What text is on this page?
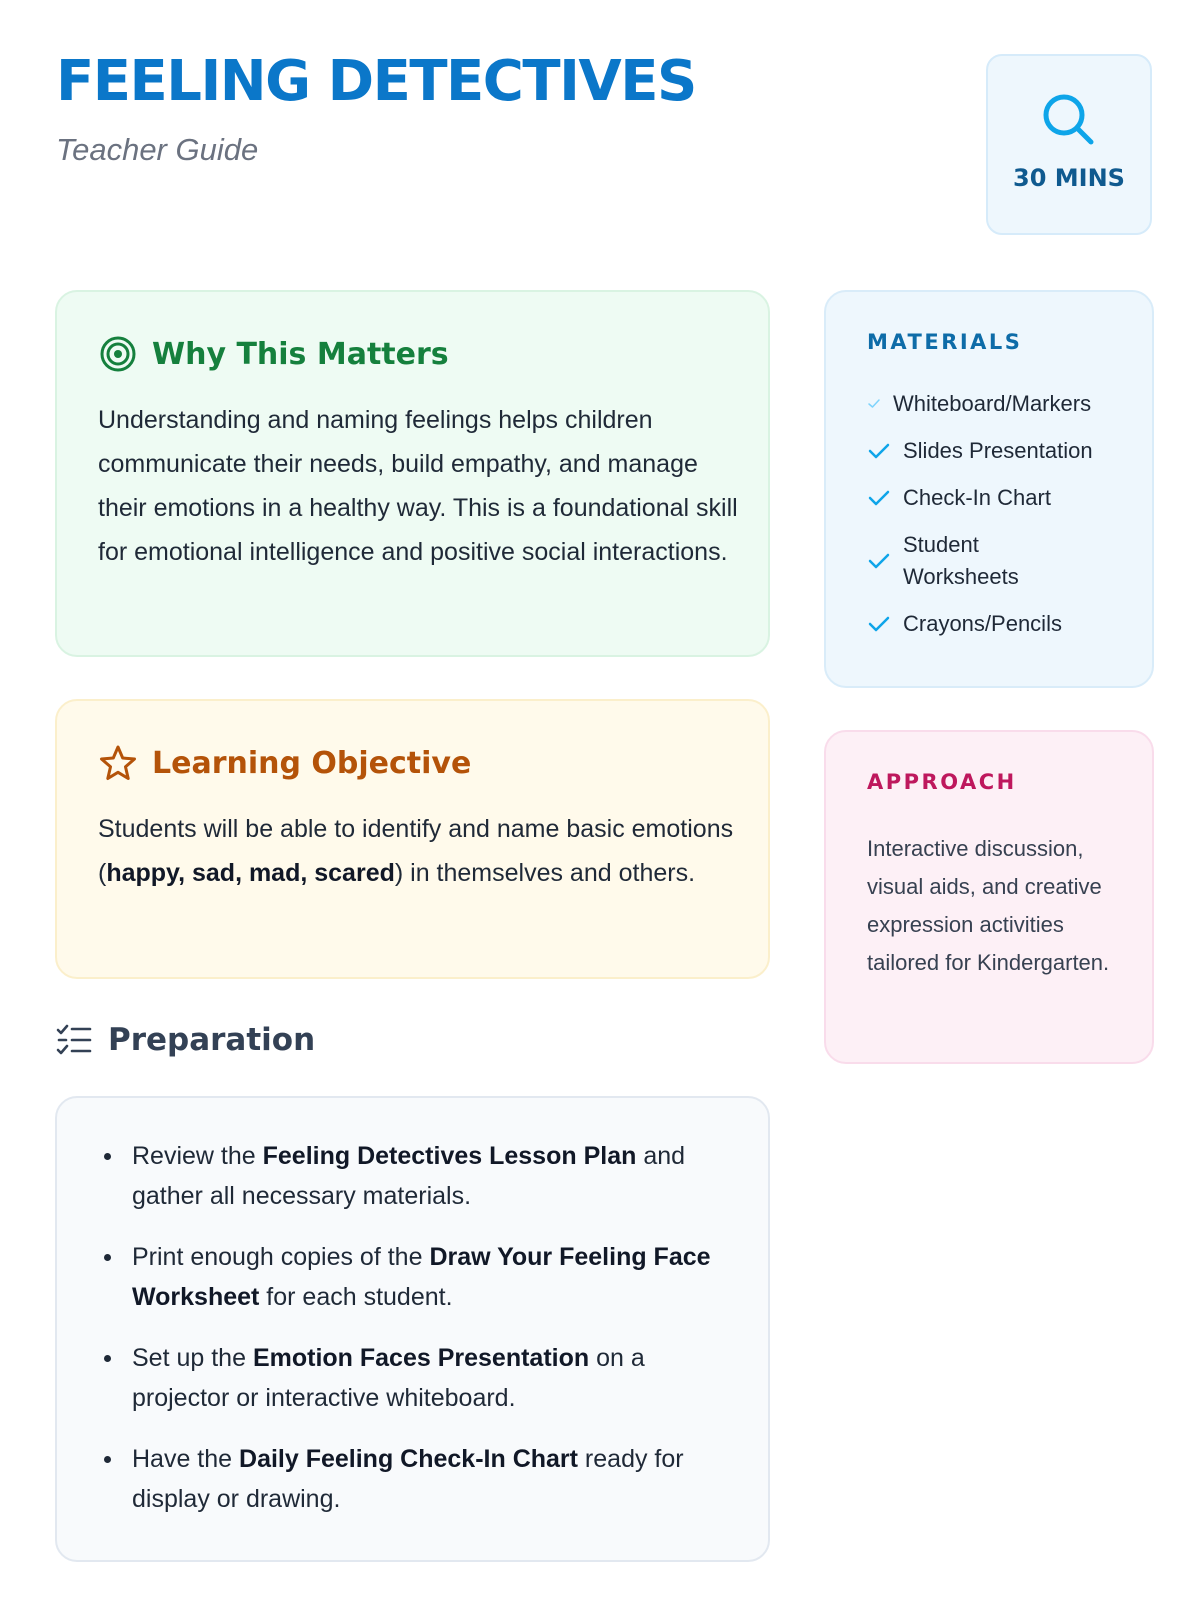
FEELING DETECTIVES
Teacher Guide
30 MINS
Why This Matters

Understanding and naming feelings helps children communicate their needs, build empathy, and manage their emotions in a healthy way. This is a foundational skill for emotional intelligence and positive social interactions.

Learning Objective

Students will be able to identify and name basic emotions (happy, sad, mad, scared) in themselves and others.

Preparation
Review the Feeling Detectives Lesson Plan and gather all necessary materials.
Print enough copies of the Draw Your Feeling Face Worksheet for each student.
Set up the Emotion Faces Presentation on a projector or interactive whiteboard.
Have the Daily Feeling Check-In Chart ready for display or drawing.
MATERIALS
Whiteboard/Markers
Slides Presentation
Check-In Chart
Student Worksheets
Crayons/Pencils
APPROACH

Interactive discussion, visual aids, and creative expression activities tailored for Kindergarten.
